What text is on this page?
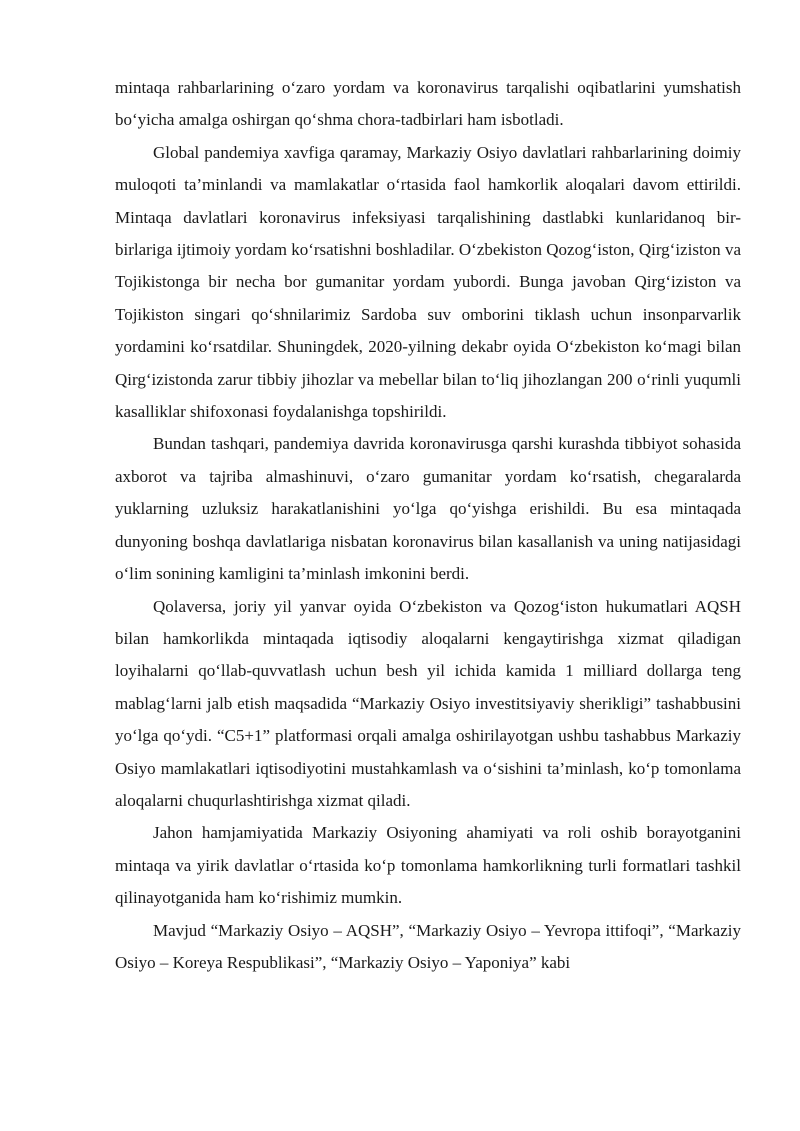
mintaqa rahbarlarining o‘zaro yordam va koronavirus tarqalishi oqibatlarini yumshatish bo‘yicha amalga oshirgan qo‘shma chora-tadbirlari ham isbotladi.

Global pandemiya xavfiga qaramay, Markaziy Osiyo davlatlari rahbarlarining doimiy muloqoti ta’minlandi va mamlakatlar o‘rtasida faol hamkorlik aloqalari davom ettirildi. Mintaqa davlatlari koronavirus infeksiyasi tarqalishining dastlabki kunlaridanoq bir-birlariga ijtimoiy yordam ko‘rsatishni boshladilar. O‘zbekiston Qozog‘iston, Qirg‘iziston va Tojikistonga bir necha bor gumanitar yordam yubordi. Bunga javoban Qirg‘iziston va Tojikiston singari qo‘shnilarimiz Sardoba suv omborini tiklash uchun insonparvarlik yordamini ko‘rsatdilar. Shuningdek, 2020-yilning dekabr oyida O‘zbekiston ko‘magi bilan Qirg‘izistonda zarur tibbiy jihozlar va mebellar bilan to‘liq jihozlangan 200 o‘rinli yuqumli kasalliklar shifoxonasi foydalanishga topshirildi.

Bundan tashqari, pandemiya davrida koronavirusga qarshi kurashda tibbiyot sohasida axborot va tajriba almashinuvi, o‘zaro gumanitar yordam ko‘rsatish, chegaralarda yuklarning uzluksiz harakatlanishini yo‘lga qo‘yishga erishildi. Bu esa mintaqada dunyoning boshqa davlatlariga nisbatan koronavirus bilan kasallanish va uning natijasidagi o‘lim sonining kamligini ta’minlash imkonini berdi.

Qolaversa, joriy yil yanvar oyida O‘zbekiston va Qozog‘iston hukumatlari AQSH bilan hamkorlikda mintaqada iqtisodiy aloqalarni kengaytirishga xizmat qiladigan loyihalarni qo‘llab-quvvatlash uchun besh yil ichida kamida 1 milliard dollarga teng mablag‘larni jalb etish maqsadida “Markaziy Osiyo investitsiyaviy sherikligi” tashabbusini yo‘lga qo‘ydi. “C5+1” platformasi orqali amalga oshirilayotgan ushbu tashabbus Markaziy Osiyo mamlakatlari iqtisodiyotini mustahkamlash va o‘sishini ta’minlash, ko‘p tomonlama aloqalarni chuqurlashtirishga xizmat qiladi.

Jahon hamjamiyatida Markaziy Osiyoning ahamiyati va roli oshib borayotganini mintaqa va yirik davlatlar o‘rtasida ko‘p tomonlama hamkorlikning turli formatlari tashkil qilinayotganida ham ko‘rishimiz mumkin.

Mavjud “Markaziy Osiyo – AQSH”, “Markaziy Osiyo – Yevropa ittifoqi”, “Markaziy Osiyo – Koreya Respublikasi”, “Markaziy Osiyo – Yaponiya” kabi
